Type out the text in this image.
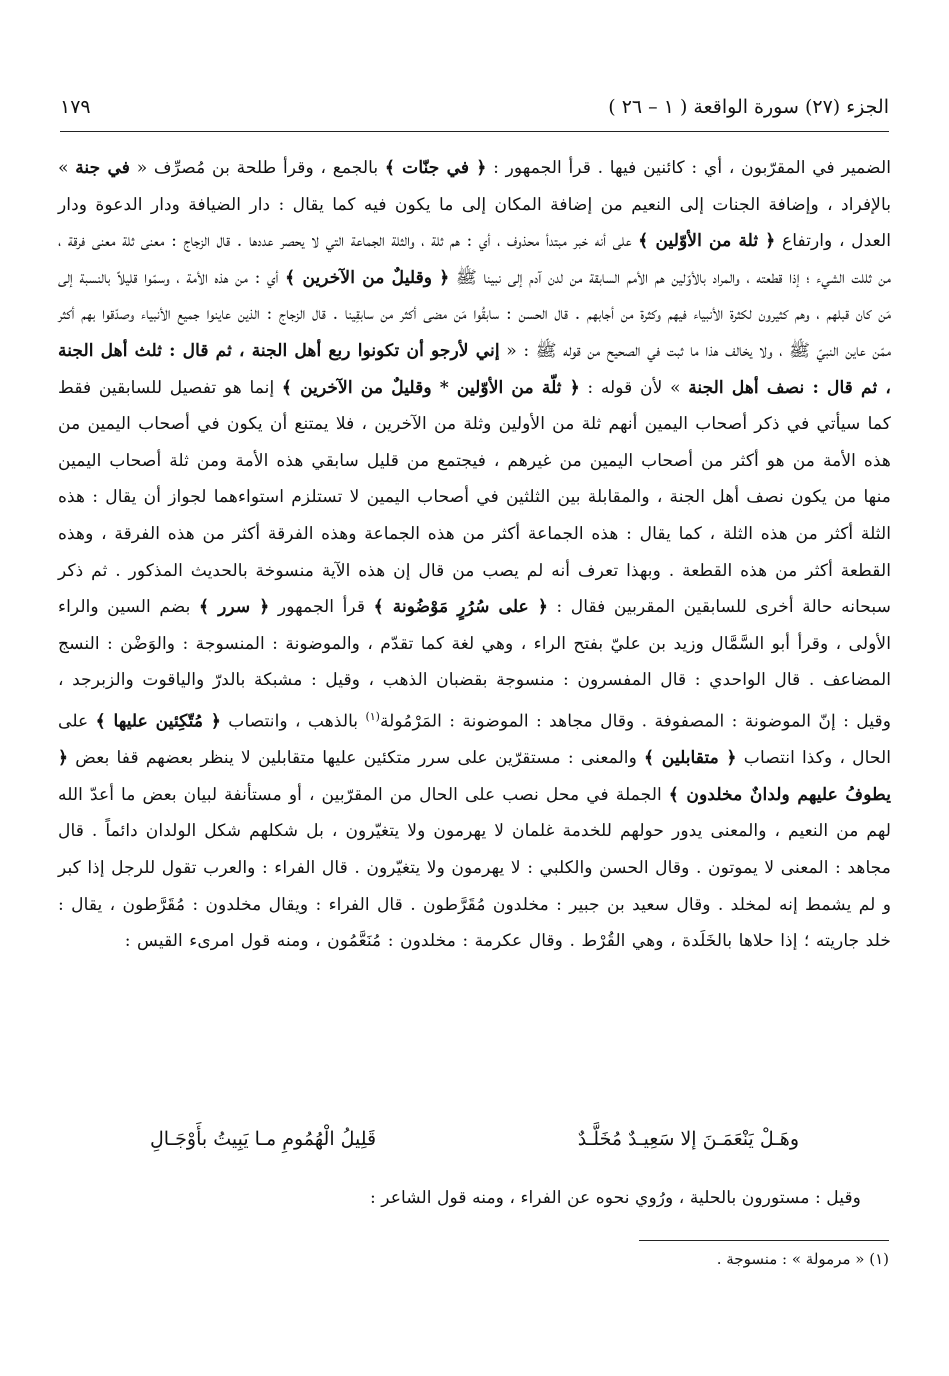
الجزء (٢٧) سورة الواقعة ( ١ – ٢٦ )
١٧٩

الضمير في المقرّبون ، أي : كائنين فيها . قرأ الجمهور : ﴿ في جنّات ﴾ بالجمع ، وقرأ طلحة بن مُصرِّف « في جنة » بالإفراد ، وإضافة الجنات إلى النعيم من إضافة المكان إلى ما يكون فيه كما يقال : دار الضيافة ودار الدعوة ودار العدل ، وارتفاع ﴿ ثلة من الأوّلين ﴾ على أنه خبر مبتدأ محذوف ، أي : هم ثلة ، والثلة الجماعة التي لا يحصر عددها . قال الزجاج : معنى ثلة معنى فرقة ، من ثللت الشيء ؛ إذا قطعته ، والمراد بالأوّلين هم الأمم السابقة من لدن آدم إلى نبينا ﷺ ﴿ وقليلٌ من الآخرين ﴾ أي : من هذه الأمة ، وسمّوا قليلاً بالنسبة إلى مَن كان قبلهم ، وهم كثيرون لكثرة الأنبياء فيهم وكثرة من أجابهم . قال الحسن : سابقُوا مَن مضى أكثر من سابقِينا . قال الزجاج : الذين عاينوا جميع الأنبياء وصدّقوا بهم أكثر ممّن عاين النبيّ ﷺ ، ولا يخالف هذا ما ثبت في الصحيح من قوله ﷺ : « إني لأرجو أن تكونوا ربع أهل الجنة ، ثم قال : ثلث أهل الجنة ، ثم قال : نصف أهل الجنة » لأن قوله : ﴿ ثلّة من الأوّلين * وقليلٌ من الآخرين ﴾ إنما هو تفصيل للسابقين فقط كما سيأتي في ذكر أصحاب اليمين أنهم ثلة من الأولين وثلة من الآخرين ، فلا يمتنع أن يكون في أصحاب اليمين من هذه الأمة من هو أكثر من أصحاب اليمين من غيرهم ، فيجتمع من قليل سابقي هذه الأمة ومن ثلة أصحاب اليمين منها من يكون نصف أهل الجنة ، والمقابلة بين الثلثين في أصحاب اليمين لا تستلزم استواءهما لجواز أن يقال : هذه الثلة أكثر من هذه الثلة ، كما يقال : هذه الجماعة أكثر من هذه الجماعة وهذه الفرقة أكثر من هذه الفرقة ، وهذه القطعة أكثر من هذه القطعة . وبهذا تعرف أنه لم يصب من قال إن هذه الآية منسوخة بالحديث المذكور . ثم ذكر سبحانه حالة أخرى للسابقين المقربين فقال : ﴿ على سُرُرٍ مَوْضُونة ﴾ قرأ الجمهور ﴿ سرر ﴾ بضم السين والراء الأولى ، وقرأ أبو السَّمَّال وزيد بن عليّ بفتح الراء ، وهي لغة كما تقدّم ، والموضونة : المنسوجة : والوَضْن : النسج المضاعف . قال الواحدي : قال المفسرون : منسوجة بقضبان الذهب ، وقيل : مشبكة بالدرّ والياقوت والزبرجد ، وقيل : إنّ الموضونة : المصفوفة . وقال مجاهد : الموضونة : المَرْمُولة$^{(١)}$ بالذهب ، وانتصاب ﴿ مُتّكِئين عليها ﴾ على الحال ، وكذا انتصاب ﴿ متقابلين ﴾ والمعنى : مستقرّين على سرر متكئين عليها متقابلين لا ينظر بعضهم قفا بعض ﴿ يطوفُ عليهم ولدانٌ مخلدون ﴾ الجملة في محل نصب على الحال من المقرّبين ، أو مستأنفة لبيان بعض ما أعدّ الله لهم من النعيم ، والمعنى يدور حولهم للخدمة غلمان لا يهرمون ولا يتغيّرون ، بل شكلهم شكل الولدان دائماً . قال مجاهد : المعنى لا يموتون . وقال الحسن والكلبي : لا يهرمون ولا يتغيّرون . قال الفراء : والعرب تقول للرجل إذا كبر و لم يشمط إنه لمخلد . وقال سعيد بن جبير : مخلدون مُقَرَّطون . قال الفراء : ويقال مخلدون : مُقَرَّطون ، يقال : خلد جاريته ؛ إذا حلاها بالخَلَدة ، وهي القُرْط . وقال عكرمة : مخلدون : مُنَعَّمُون ، ومنه قول امرىء القيس :

وهَـلْ يَنْعَمَـنَ إلا سَعِيـدٌ مُخَلَّـدٌ
قَلِيلُ الْهُمُومِ مـا يَبِيتُ بأَوْجَـالِ
وقيل : مستورون بالحلية ، ورُوي نحوه عن الفراء ، ومنه قول الشاعر :
(١) « مرمولة » : منسوجة .
